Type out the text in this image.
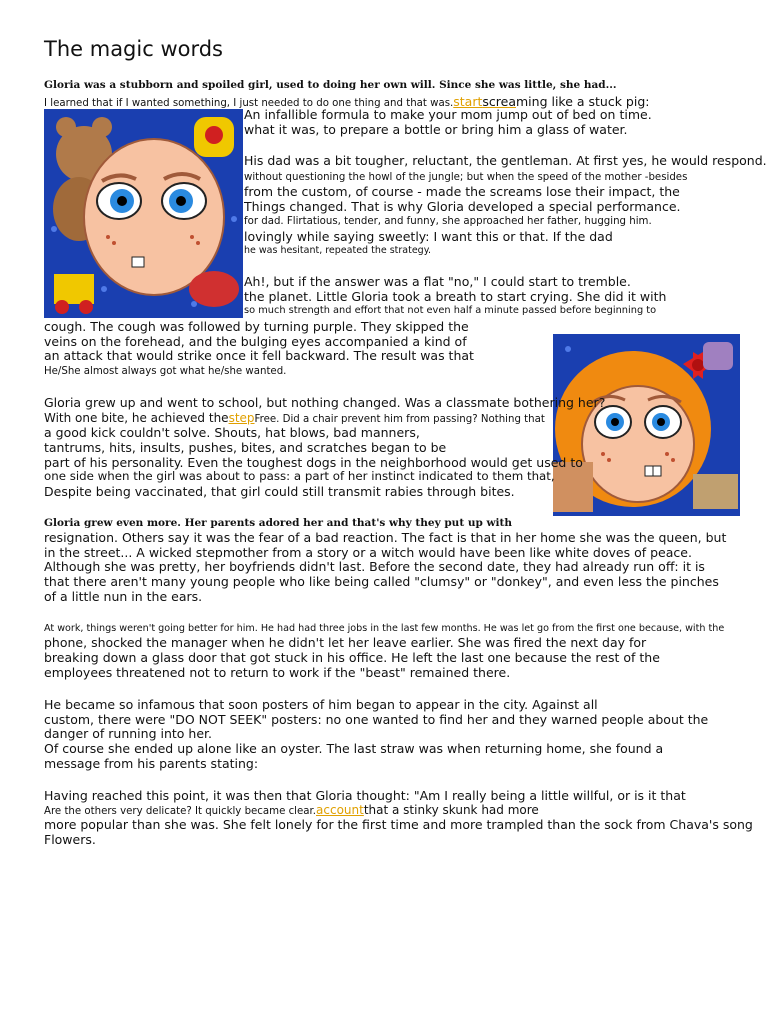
The magic words
Gloria was a stubborn and spoiled girl, used to doing her own will. Since she was little, she had...
I learned that if I wanted something, I just needed to do one thing and that was.startscreaming like a stuck pig:
An infallible formula to make your mom jump out of bed on time.
what it was, to prepare a bottle or bring him a glass of water.
His dad was a bit tougher, reluctant, the gentleman. At first yes, he would respond.
without questioning the howl of the jungle; but when the speed of the mother -besides
from the custom, of course - made the screams lose their impact, the
Things changed. That is why Gloria developed a special performance.
for dad. Flirtatious, tender, and funny, she approached her father, hugging him.
lovingly while saying sweetly: I want this or that. If the dad
he was hesitant, repeated the strategy.
Ah!, but if the answer was a flat "no," I could start to tremble.
the planet. Little Gloria took a breath to start crying. She did it with
so much strength and effort that not even half a minute passed before beginning to
cough. The cough was followed by turning purple. They skipped the
veins on the forehead, and the bulging eyes accompanied a kind of
an attack that would strike once it fell backward. The result was that
He/She almost always got what he/she wanted.
Gloria grew up and went to school, but nothing changed. Was a classmate bothering her?
With one bite, he achieved thestepFree. Did a chair prevent him from passing? Nothing that
a good kick couldn't solve. Shouts, hat blows, bad manners,
tantrums, hits, insults, pushes, bites, and scratches began to be
part of his personality. Even the toughest dogs in the neighborhood would get used to
one side when the girl was about to pass: a part of her instinct indicated to them that,
Despite being vaccinated, that girl could still transmit rabies through bites.
Gloria grew even more. Her parents adored her and that's why they put up with
resignation. Others say it was the fear of a bad reaction. The fact is that in her home she was the queen, but
in the street... A wicked stepmother from a story or a witch would have been like white doves of peace.
Although she was pretty, her boyfriends didn't last. Before the second date, they had already run off: it is
that there aren't many young people who like being called "clumsy" or "donkey", and even less the pinches
of a little nun in the ears.
At work, things weren't going better for him. He had had three jobs in the last few months. He was let go from the first one because, with the
phone, shocked the manager when he didn't let her leave earlier. She was fired the next day for
breaking down a glass door that got stuck in his office. He left the last one because the rest of the
employees threatened not to return to work if the "beast" remained there.
He became so infamous that soon posters of him began to appear in the city. Against all
custom, there were "DO NOT SEEK" posters: no one wanted to find her and they warned people about the
danger of running into her.
Of course she ended up alone like an oyster. The last straw was when returning home, she found a
message from his parents stating:
Having reached this point, it was then that Gloria thought: "Am I really being a little willful, or is it that
Are the others very delicate? It quickly became clear.accountthat a stinky skunk had more
more popular than she was. She felt lonely for the first time and more trampled than the sock from Chava's song
Flowers.
